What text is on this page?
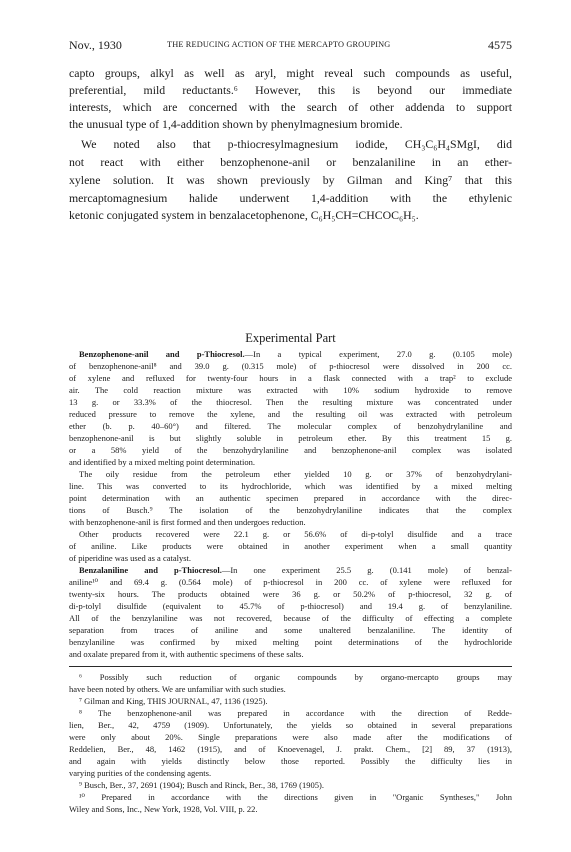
Nov., 1930	THE REDUCING ACTION OF THE MERCAPTO GROUPING	4575
capto groups, alkyl as well as aryl, might reveal such compounds as useful,
preferential, mild reductants.⁶ However, this is beyond our immediate
interests, which are concerned with the search of other addenda to support
the unusual type of 1,4-addition shown by phenylmagnesium bromide.
We noted also that p-thiocresylmagnesium iodide, CH₃C₆H₄SMgI, did
not react with either benzophenone-anil or benzalaniline in an ether-
xylene solution. It was shown previously by Gilman and King⁷ that this
mercaptomagnesium halide underwent 1,4-addition with the ethylenic
ketonic conjugated system in benzalacetophenone, C₆H₅CH=CHCOC₆H₅.
Experimental Part
Benzophenone-anil and p-Thiocresol.—In a typical experiment, 27.0 g. (0.105 mole)
of benzophenone-anil⁸ and 39.0 g. (0.315 mole) of p-thiocresol were dissolved in 200 cc.
of xylene and refluxed for twenty-four hours in a flask connected with a trap² to exclude
air. The cold reaction mixture was extracted with 10% sodium hydroxide to remove
13 g. or 33.3% of the thiocresol. Then the resulting mixture was concentrated under
reduced pressure to remove the xylene, and the resulting oil was extracted with petroleum
ether (b. p. 40–60°) and filtered. The molecular complex of benzohydrylaniline and
benzophenone-anil is but slightly soluble in petroleum ether. By this treatment 15 g.
or a 58% yield of the benzohydrylaniline and benzophenone-anil complex was isolated
and identified by a mixed melting point determination.
The oily residue from the petroleum ether yielded 10 g. or 37% of benzohydrylani-
line. This was converted to its hydrochloride, which was identified by a mixed melting
point determination with an authentic specimen prepared in accordance with the direc-
tions of Busch.⁹ The isolation of the benzohydrylaniline indicates that the complex
with benzophenone-anil is first formed and then undergoes reduction.
Other products recovered were 22.1 g. or 56.6% of di-p-tolyl disulfide and a trace
of aniline. Like products were obtained in another experiment when a small quantity
of piperidine was used as a catalyst.
Benzalaniline and p-Thiocresol.—In one experiment 25.5 g. (0.141 mole) of benzal-
aniline¹⁰ and 69.4 g. (0.564 mole) of p-thiocresol in 200 cc. of xylene were refluxed for
twenty-six hours. The products obtained were 36 g. or 50.2% of p-thiocresol, 32 g. of
di-p-tolyl disulfide (equivalent to 45.7% of p-thiocresol) and 19.4 g. of benzylaniline.
All of the benzylaniline was not recovered, because of the difficulty of effecting a complete
separation from traces of aniline and some unaltered benzalaniline. The identity of
benzylaniline was confirmed by mixed melting point determinations of the hydrochloride
and oxalate prepared from it, with authentic specimens of these salts.
⁶ Possibly such reduction of organic compounds by organo-mercapto groups may
have been noted by others. We are unfamiliar with such studies.
⁷ Gilman and King, THIS JOURNAL, 47, 1136 (1925).
⁸ The benzophenone-anil was prepared in accordance with the direction of Redde-
lien, Ber., 42, 4759 (1909). Unfortunately, the yields so obtained in several preparations
were only about 20%. Single preparations were also made after the modifications of
Reddelien, Ber., 48, 1462 (1915), and of Knoevenagel, J. prakt. Chem., [2] 89, 37 (1913),
and again with yields distinctly below those reported. Possibly the difficulty lies in
varying purities of the condensing agents.
⁹ Busch, Ber., 37, 2691 (1904); Busch and Rinck, Ber., 38, 1769 (1905).
¹⁰ Prepared in accordance with the directions given in "Organic Syntheses," John
Wiley and Sons, Inc., New York, 1928, Vol. VIII, p. 22.
